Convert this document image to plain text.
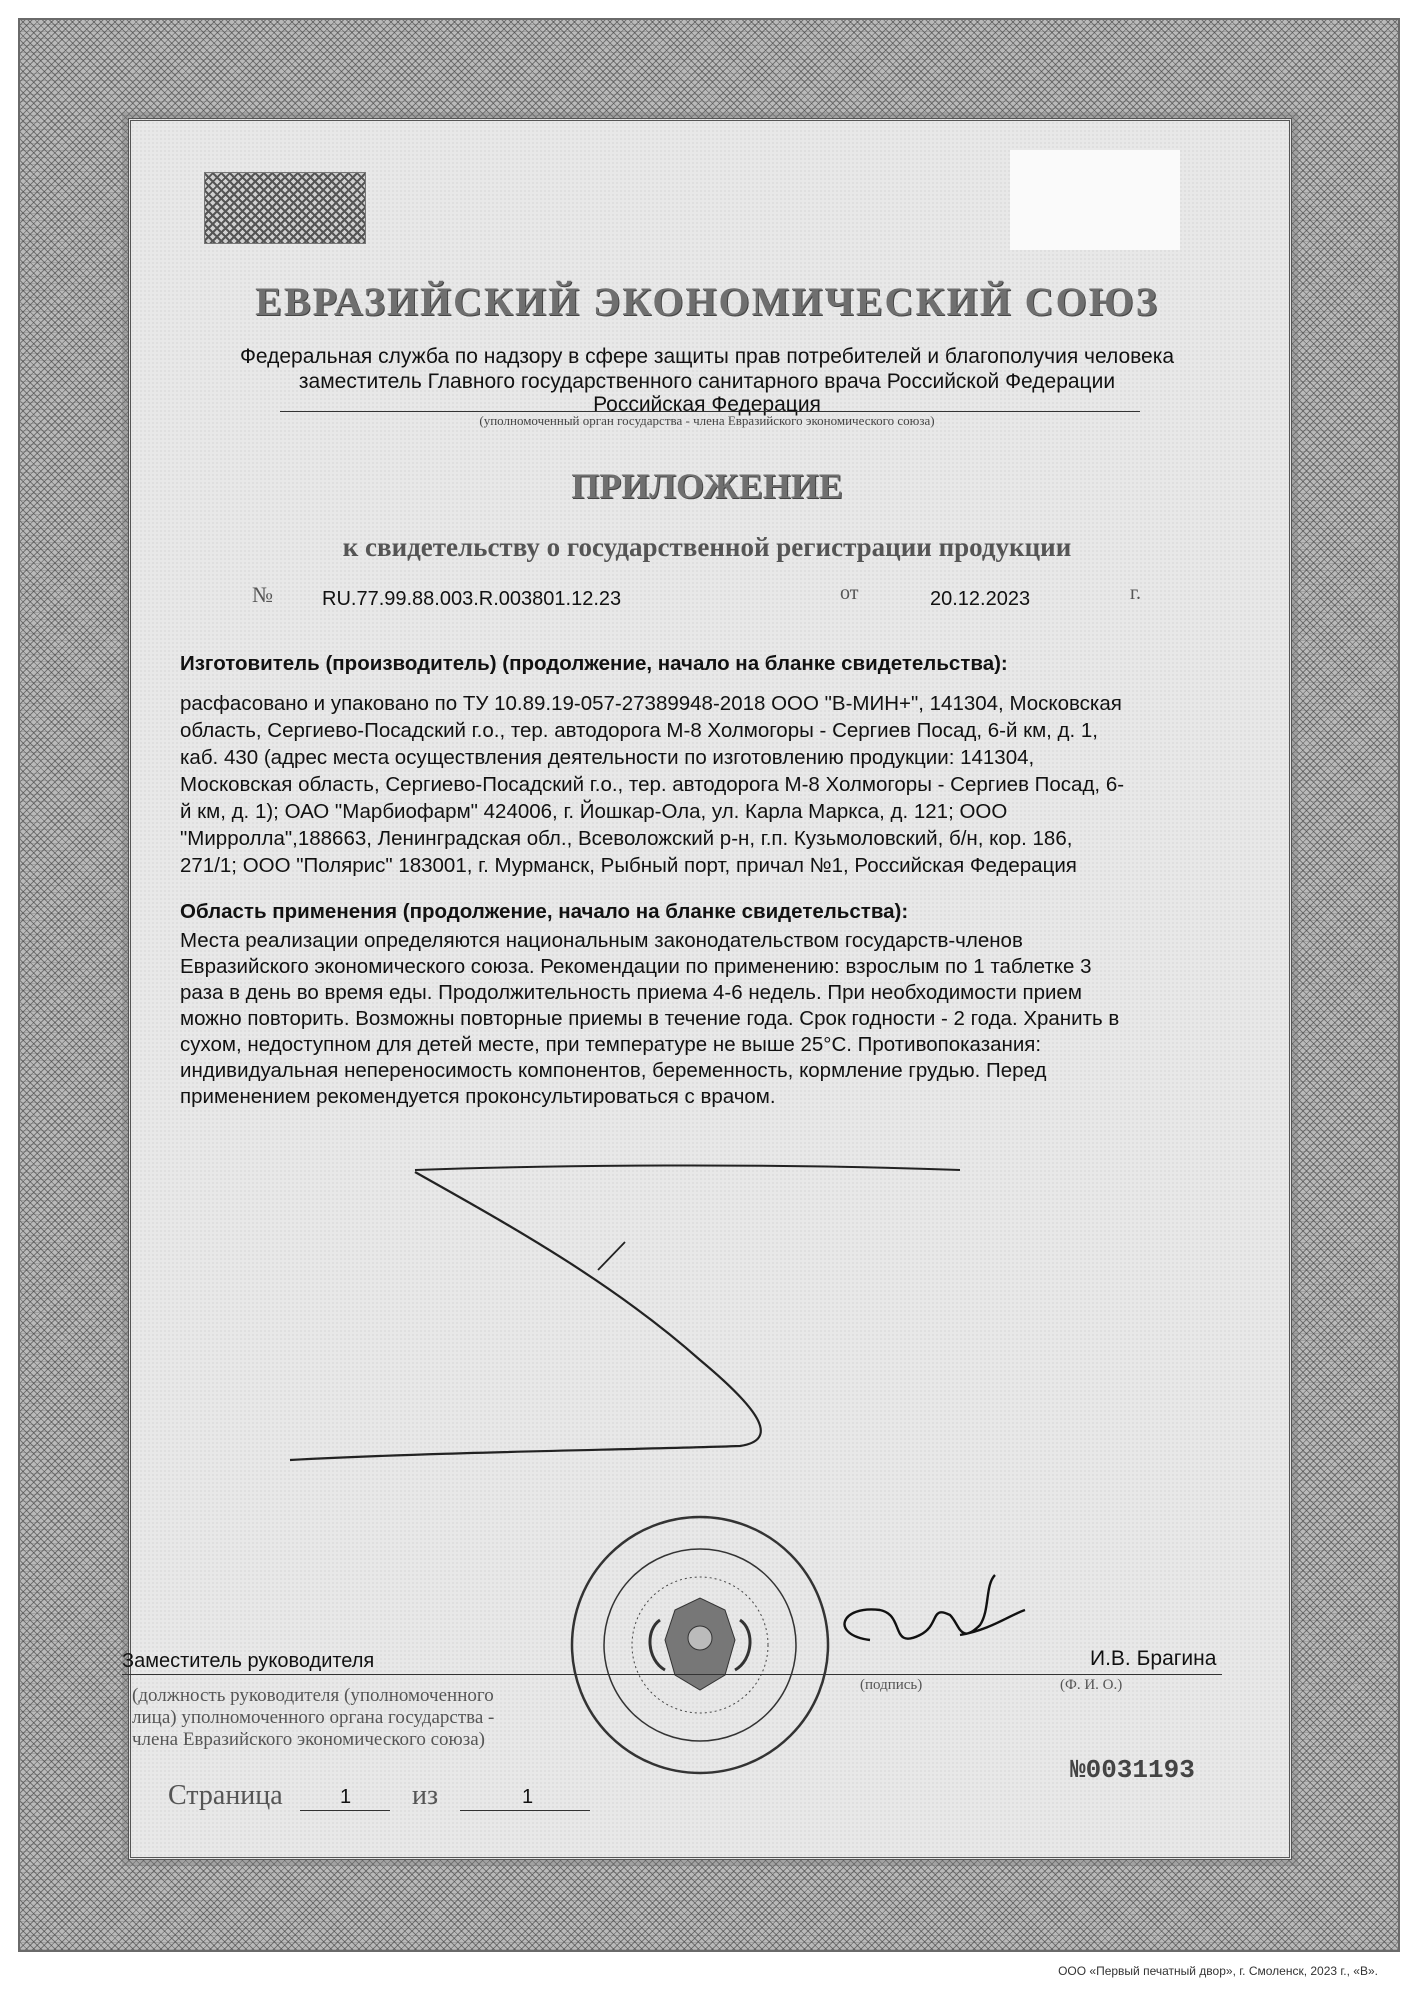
ЕВРАЗИЙСКИЙ ЭКОНОМИЧЕСКИЙ СОЮЗ
Федеральная служба по надзору в сфере защиты прав потребителей и благополучия человека
заместитель Главного государственного санитарного врача Российской Федерации
Российская Федерация
(уполномоченный орган государства - члена Евразийского экономического союза)
ПРИЛОЖЕНИЕ
к свидетельству о государственной регистрации продукции
№ RU.77.99.88.003.R.003801.12.23	от	20.12.2023	г.
Изготовитель (производитель) (продолжение, начало на бланке свидетельства):
расфасовано и упаковано по ТУ 10.89.19-057-27389948-2018 ООО "В-МИН+", 141304, Московская
область, Сергиево-Посадский г.о., тер. автодорога М-8 Холмогоры - Сергиев Посад, 6-й км, д. 1,
каб. 430 (адрес места осуществления деятельности по изготовлению продукции: 141304,
Московская область, Сергиево-Посадский г.о., тер. автодорога М-8 Холмогоры - Сергиев Посад, 6-
й км, д. 1); ОАО "Марбиофарм" 424006, г. Йошкар-Ола, ул. Карла Маркса, д. 121; ООО
"Мирролла",188663, Ленинградская обл., Всеволожский р-н, г.п. Кузьмоловский, б/н, кор. 186,
271/1; ООО "Полярис" 183001, г. Мурманск, Рыбный порт, причал №1, Российская Федерация
Область применения (продолжение, начало на бланке свидетельства):
Места реализации определяются национальным законодательством государств-членов
Евразийского экономического союза. Рекомендации по применению: взрослым по 1 таблетке 3
раза в день во время еды. Продолжительность приема 4-6 недель. При необходимости прием
можно повторить. Возможны повторные приемы в течение года. Срок годности - 2 года. Хранить в
сухом, недоступном для детей месте, при температуре не выше 25°С. Противопоказания:
индивидуальная непереносимость компонентов, беременность, кормление грудью. Перед
применением рекомендуется проконсультироваться с врачом.
Заместитель руководителя
(должность руководителя (уполномоченного
лица) уполномоченного органа государства -
члена Евразийского экономического союза)
(подпись)
И.В. Брагина
(Ф. И. О.)
№0031193
Страница	1 из	1
ООО «Первый печатный двор», г. Смоленск, 2023 г., «В».
